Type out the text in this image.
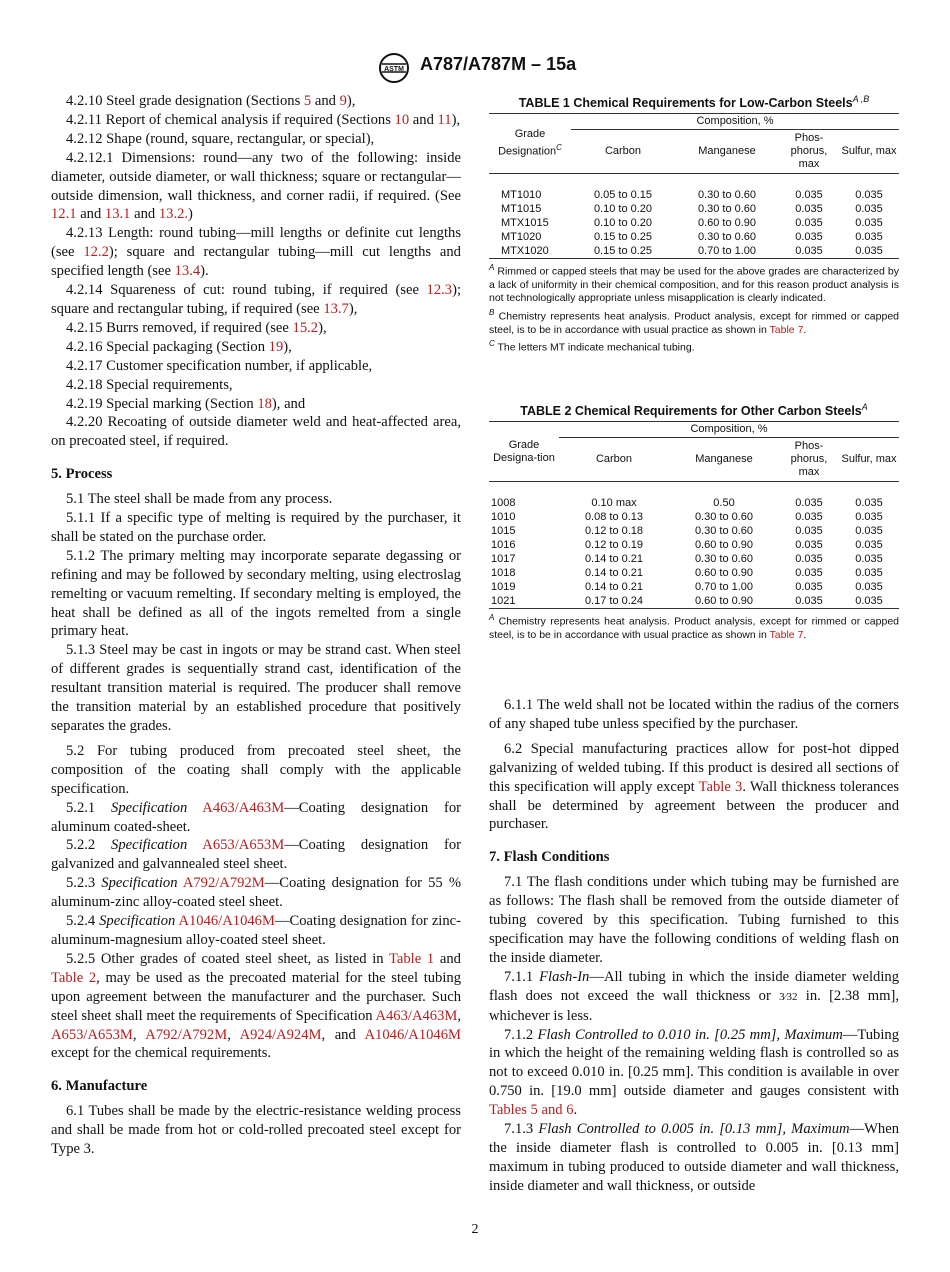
ASTM A787/A787M – 15a

4.2.10 Steel grade designation (Sections 5 and 9),

4.2.11 Report of chemical analysis if required (Sections 10 and 11),

4.2.12 Shape (round, square, rectangular, or special),

4.2.12.1 Dimensions: round—any two of the following: inside diameter, outside diameter, or wall thickness; square or rectangular—outside dimension, wall thickness, and corner radii, if required. (See 12.1 and 13.1 and 13.2.)

4.2.13 Length: round tubing—mill lengths or definite cut lengths (see 12.2); square and rectangular tubing—mill cut lengths and specified length (see 13.4).

4.2.14 Squareness of cut: round tubing, if required (see 12.3); square and rectangular tubing, if required (see 13.7),

4.2.15 Burrs removed, if required (see 15.2),

4.2.16 Special packaging (Section 19),

4.2.17 Customer specification number, if applicable,

4.2.18 Special requirements,

4.2.19 Special marking (Section 18), and

4.2.20 Recoating of outside diameter weld and heat-affected area, on precoated steel, if required.

5. Process

5.1 The steel shall be made from any process.

5.1.1 If a specific type of melting is required by the purchaser, it shall be stated on the purchase order.

5.1.2 The primary melting may incorporate separate degassing or refining and may be followed by secondary melting, using electroslag remelting or vacuum remelting. If secondary melting is employed, the heat shall be defined as all of the ingots remelted from a single primary heat.

5.1.3 Steel may be cast in ingots or may be strand cast. When steel of different grades is sequentially strand cast, identification of the resultant transition material is required. The producer shall remove the transition material by an established procedure that positively separates the grades.

5.2 For tubing produced from precoated steel sheet, the composition of the coating shall comply with the applicable specification.

5.2.1 Specification A463/A463M—Coating designation for aluminum coated-sheet.

5.2.2 Specification A653/A653M—Coating designation for galvanized and galvannealed steel sheet.

5.2.3 Specification A792/A792M—Coating designation for 55 % aluminum-zinc alloy-coated steel sheet.

5.2.4 Specification A1046/A1046M—Coating designation for zinc-aluminum-magnesium alloy-coated steel sheet.

5.2.5 Other grades of coated steel sheet, as listed in Table 1 and Table 2, may be used as the precoated material for the steel tubing upon agreement between the manufacturer and the purchaser. Such steel sheet shall meet the requirements of Specification A463/A463M, A653/A653M, A792/A792M, A924/A924M, and A1046/A1046M except for the chemical requirements.

6. Manufacture

6.1 Tubes shall be made by the electric-resistance welding process and shall be made from hot or cold-rolled precoated steel except for Type 3.

TABLE 1 Chemical Requirements for Low-Carbon Steels$^{A ,B}$
Grade Designation$^C$	Composition, %			
	Carbon	Manganese	Phos-phorus, max	Sulfur, max

MT1010	0.05 to 0.15	0.30 to 0.60	0.035	0.035
MT1015	0.10 to 0.20	0.30 to 0.60	0.035	0.035
MTX1015	0.10 to 0.20	0.60 to 0.90	0.035	0.035
MT1020	0.15 to 0.25	0.30 to 0.60	0.035	0.035
MTX1020	0.15 to 0.25	0.70 to 1.00	0.035	0.035

$^A$ Rimmed or capped steels that may be used for the above grades are characterized by a lack of uniformity in their chemical composition, and for this reason product analysis is not technologically appropriate unless misapplication is clearly indicated.

$^B$ Chemistry represents heat analysis. Product analysis, except for rimmed or capped steel, is to be in accordance with usual practice as shown in Table 7.

$^C$ The letters MT indicate mechanical tubing.

TABLE 2 Chemical Requirements for Other Carbon Steels$^A$
Grade Designa-tion	Composition, %			
	Carbon	Manganese	Phos-phorus, max	Sulfur, max

1008	0.10 max	0.50	0.035	0.035
1010	0.08 to 0.13	0.30 to 0.60	0.035	0.035
1015	0.12 to 0.18	0.30 to 0.60	0.035	0.035
1016	0.12 to 0.19	0.60 to 0.90	0.035	0.035
1017	0.14 to 0.21	0.30 to 0.60	0.035	0.035
1018	0.14 to 0.21	0.60 to 0.90	0.035	0.035
1019	0.14 to 0.21	0.70 to 1.00	0.035	0.035
1021	0.17 to 0.24	0.60 to 0.90	0.035	0.035

$^A$ Chemistry represents heat analysis. Product analysis, except for rimmed or capped steel, is to be in accordance with usual practice as shown in Table 7.

6.1.1 The weld shall not be located within the radius of the corners of any shaped tube unless specified by the purchaser.

6.2 Special manufacturing practices allow for post-hot dipped galvanizing of welded tubing. If this product is desired all sections of this specification will apply except Table 3. Wall thickness tolerances shall be determined by agreement between the producer and purchaser.

7. Flash Conditions

7.1 The flash conditions under which tubing may be furnished are as follows: The flash shall be removed from the outside diameter of tubing covered by this specification. Tubing furnished to this specification may have the following conditions of welding flash on the inside diameter.

7.1.1 Flash-In—All tubing in which the inside diameter welding flash does not exceed the wall thickness or 3⁄32 in. [2.38 mm], whichever is less.

7.1.2 Flash Controlled to 0.010 in. [0.25 mm], Maximum—Tubing in which the height of the remaining welding flash is controlled so as not to exceed 0.010 in. [0.25 mm]. This condition is available in over 0.750 in. [19.0 mm] outside diameter and gauges consistent with Tables 5 and 6.

7.1.3 Flash Controlled to 0.005 in. [0.13 mm], Maximum—When the inside diameter flash is controlled to 0.005 in. [0.13 mm] maximum in tubing produced to outside diameter and wall thickness, inside diameter and wall thickness, or outside

2
